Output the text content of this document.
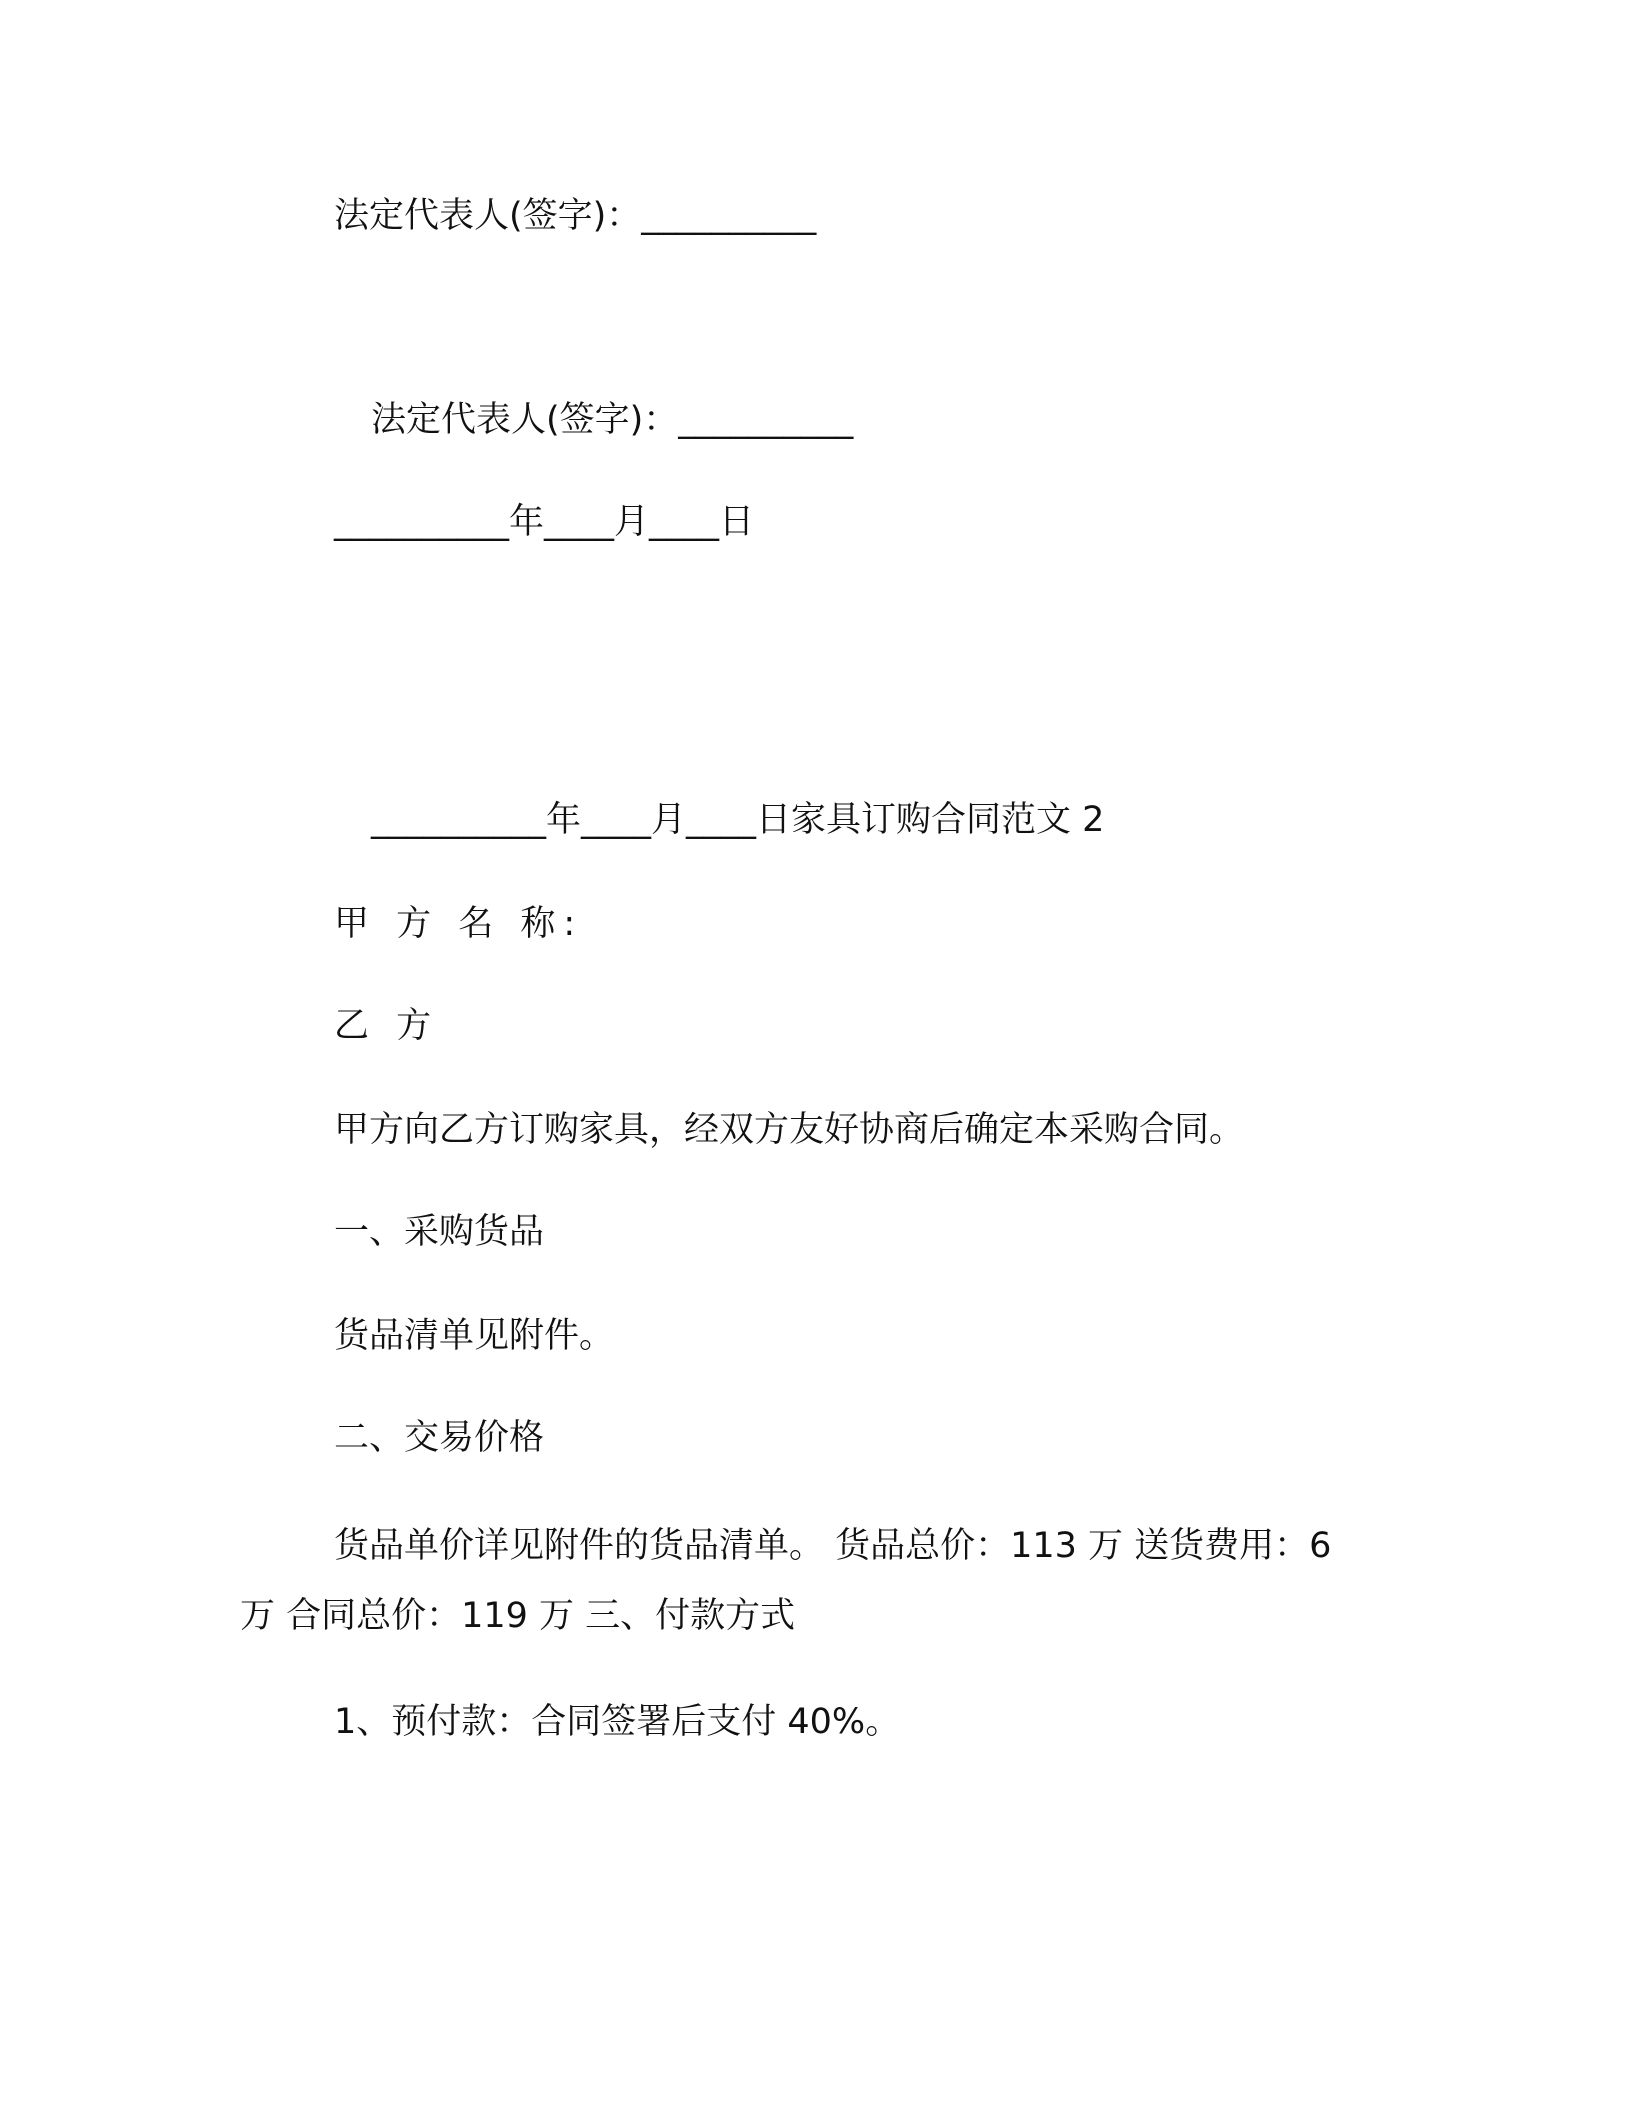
法定代表人(签字)：__________
法定代表人(签字)：__________
__________年____月____日
__________年____月____日家具订购合同范文 2
甲 方 名 称:
乙 方
甲方向乙方订购家具，经双方友好协商后确定本采购合同。
一、采购货品
货品清单见附件。
二、交易价格
货品单价详见附件的货品清单。 货品总价：113 万 送货费用：6
万 合同总价：119 万 三、付款方式
1、预付款：合同签署后支付 40%。
